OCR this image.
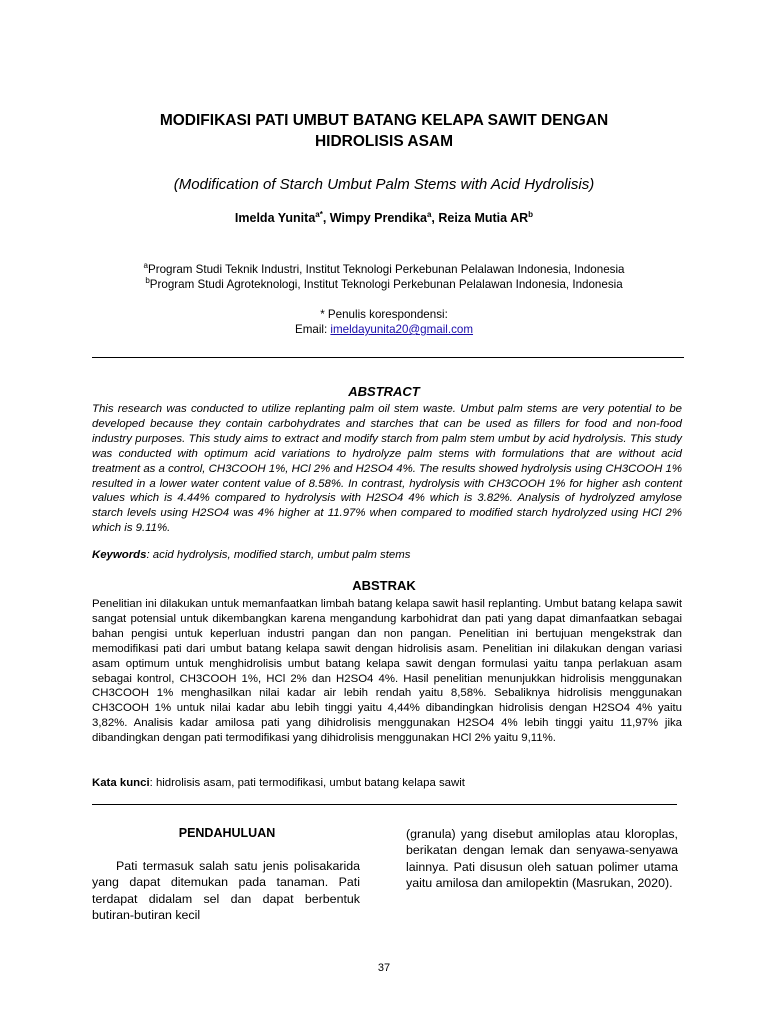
MODIFIKASI PATI UMBUT BATANG KELAPA SAWIT DENGAN
HIDROLISIS ASAM
(Modification of Starch Umbut Palm Stems with Acid Hydrolisis)
Imelda Yunita$^{a*}$, Wimpy Prendika$^a$, Reiza Mutia $AR^b$
$^a$Program Studi Teknik Industri, Institut Teknologi Perkebunan Pelalawan Indonesia, Indonesia
$^b$Program Studi Agroteknologi, Institut Teknologi Perkebunan Pelalawan Indonesia, Indonesia
* Penulis korespondensi:
Email: imeldayunita20@gmail.com
ABSTRACT

This research was conducted to utilize replanting palm oil stem waste. Umbut palm stems are very potential to be developed because they contain carbohydrates and starches that can be used as fillers for food and non-food industry purposes. This study aims to extract and modify starch from palm stem umbut by acid hydrolysis. This study was conducted with optimum acid variations to hydrolyze palm stems with formulations that are without acid treatment as a control, CH3COOH 1%, HCl 2% and H2SO4 4%. The results showed hydrolysis using CH3COOH 1% resulted in a lower water content value of 8.58%. In contrast, hydrolysis with CH3COOH 1% for higher ash content values which is 4.44% compared to hydrolysis with H2SO4 4% which is 3.82%. Analysis of hydrolyzed amylose starch levels using H2SO4 was 4% higher at 11.97% when compared to modified starch hydrolyzed using HCl 2% which is 9.11%.

Keywords: acid hydrolysis, modified starch, umbut palm stems
ABSTRAK

Penelitian ini dilakukan untuk memanfaatkan limbah batang kelapa sawit hasil replanting. Umbut batang kelapa sawit sangat potensial untuk dikembangkan karena mengandung karbohidrat dan pati yang dapat dimanfaatkan sebagai bahan pengisi untuk keperluan industri pangan dan non pangan. Penelitian ini bertujuan mengekstrak dan memodifikasi pati dari umbut batang kelapa sawit dengan hidrolisis asam. Penelitian ini dilakukan dengan variasi asam optimum untuk menghidrolisis umbut batang kelapa sawit dengan formulasi yaitu tanpa perlakuan asam sebagai kontrol, CH3COOH 1%, HCl 2% dan H2SO4 4%. Hasil penelitian menunjukkan hidrolisis menggunakan CH3COOH 1% menghasilkan nilai kadar air lebih rendah yaitu 8,58%. Sebaliknya hidrolisis menggunakan CH3COOH 1% untuk nilai kadar abu lebih tinggi yaitu 4,44% dibandingkan hidrolisis dengan H2SO4 4% yaitu 3,82%. Analisis kadar amilosa pati yang dihidrolisis menggunakan H2SO4 4% lebih tinggi yaitu 11,97% jika dibandingkan dengan pati termodifikasi yang dihidrolisis menggunakan HCl 2% yaitu 9,11%.

Kata kunci: hidrolisis asam, pati termodifikasi, umbut batang kelapa sawit
PENDAHULUAN

Pati termasuk salah satu jenis polisakarida yang dapat ditemukan pada tanaman. Pati terdapat didalam sel dan dapat berbentuk butiran-butiran kecil

(granula) yang disebut amiloplas atau kloroplas, berikatan dengan lemak dan senyawa-senyawa lainnya. Pati disusun oleh satuan polimer utama yaitu amilosa dan amilopektin (Masrukan, 2020).

37
